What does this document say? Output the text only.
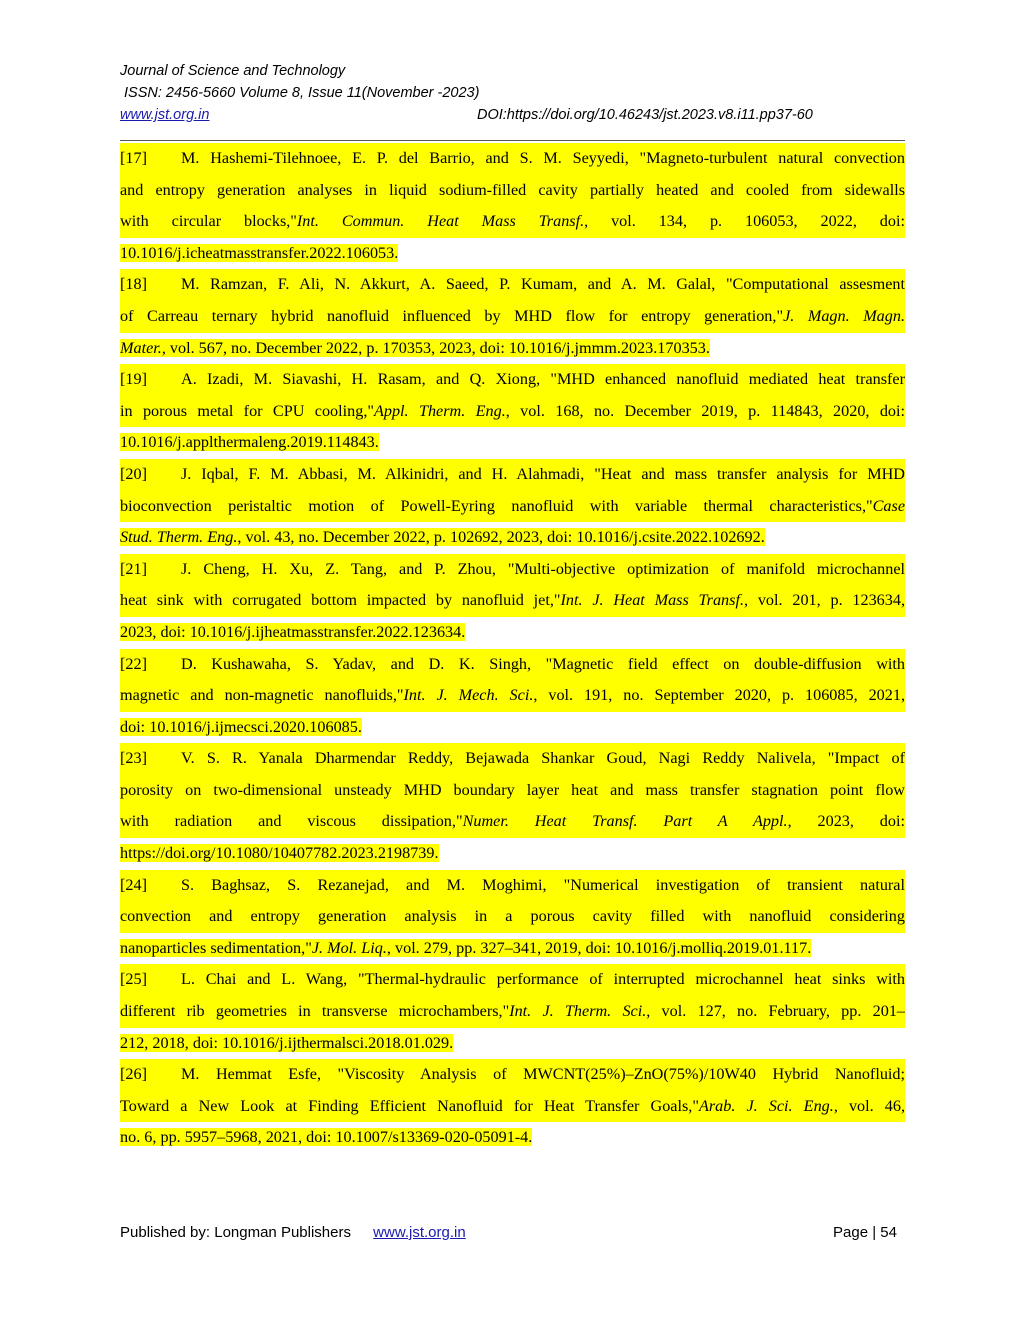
Journal of Science and Technology
ISSN: 2456-5660 Volume 8, Issue 11(November -2023)
www.jst.org.in	DOI:https://doi.org/10.46243/jst.2023.v8.i11.pp37-60
[17] M. Hashemi-Tilehnoee, E. P. del Barrio, and S. M. Seyyedi, "Magneto-turbulent natural convection
and entropy generation analyses in liquid sodium-filled cavity partially heated and cooled from sidewalls
with circular blocks,"Int. Commun. Heat Mass Transf., vol. 134, p. 106053, 2022, doi:
10.1016/j.icheatmasstransfer.2022.106053.
[18] M. Ramzan, F. Ali, N. Akkurt, A. Saeed, P. Kumam, and A. M. Galal, "Computational assesment
of Carreau ternary hybrid nanofluid influenced by MHD flow for entropy generation,"J. Magn. Magn.
Mater., vol. 567, no. December 2022, p. 170353, 2023, doi: 10.1016/j.jmmm.2023.170353.
[19] A. Izadi, M. Siavashi, H. Rasam, and Q. Xiong, "MHD enhanced nanofluid mediated heat transfer
in porous metal for CPU cooling,"Appl. Therm. Eng., vol. 168, no. December 2019, p. 114843, 2020, doi:
10.1016/j.applthermaleng.2019.114843.
[20] J. Iqbal, F. M. Abbasi, M. Alkinidri, and H. Alahmadi, "Heat and mass transfer analysis for MHD
bioconvection peristaltic motion of Powell-Eyring nanofluid with variable thermal characteristics,"Case
Stud. Therm. Eng., vol. 43, no. December 2022, p. 102692, 2023, doi: 10.1016/j.csite.2022.102692.
[21] J. Cheng, H. Xu, Z. Tang, and P. Zhou, "Multi-objective optimization of manifold microchannel
heat sink with corrugated bottom impacted by nanofluid jet,"Int. J. Heat Mass Transf., vol. 201, p. 123634,
2023, doi: 10.1016/j.ijheatmasstransfer.2022.123634.
[22] D. Kushawaha, S. Yadav, and D. K. Singh, "Magnetic field effect on double-diffusion with
magnetic and non-magnetic nanofluids,"Int. J. Mech. Sci., vol. 191, no. September 2020, p. 106085, 2021,
doi: 10.1016/j.ijmecsci.2020.106085.
[23] V. S. R. Yanala Dharmendar Reddy, Bejawada Shankar Goud, Nagi Reddy Nalivela, "Impact of
porosity on two-dimensional unsteady MHD boundary layer heat and mass transfer stagnation point flow
with radiation and viscous dissipation,"Numer. Heat Transf. Part A Appl., 2023, doi:
https://doi.org/10.1080/10407782.2023.2198739.
[24] S. Baghsaz, S. Rezanejad, and M. Moghimi, "Numerical investigation of transient natural
convection and entropy generation analysis in a porous cavity filled with nanofluid considering
nanoparticles sedimentation,"J. Mol. Liq., vol. 279, pp. 327–341, 2019, doi: 10.1016/j.molliq.2019.01.117.
[25] L. Chai and L. Wang, "Thermal-hydraulic performance of interrupted microchannel heat sinks with
different rib geometries in transverse microchambers,"Int. J. Therm. Sci., vol. 127, no. February, pp. 201–
212, 2018, doi: 10.1016/j.ijthermalsci.2018.01.029.
[26] M. Hemmat Esfe, "Viscosity Analysis of MWCNT(25%)–ZnO(75%)/10W40 Hybrid Nanofluid;
Toward a New Look at Finding Efficient Nanofluid for Heat Transfer Goals,"Arab. J. Sci. Eng., vol. 46,
no. 6, pp. 5957–5968, 2021, doi: 10.1007/s13369-020-05091-4.
Published by: Longman Publishers www.jst.org.in	Page | 54
